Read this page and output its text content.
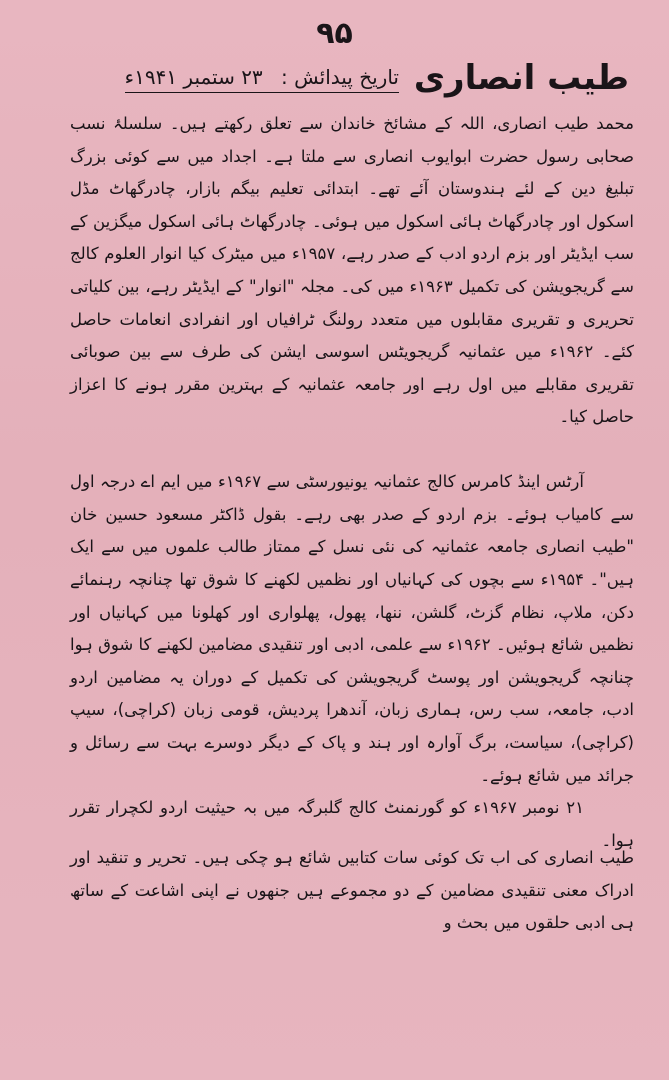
۹۵
طیب انصاری
تاریخ پیدائش : ۲۳ ستمبر ۱۹۴۱ء

محمد طیب انصاری، اللہ کے مشائخ خاندان سے تعلق رکھتے ہیں۔ سلسلۂ نسب صحابی رسول حضرت ابوایوب انصاری سے ملتا ہے۔ اجداد میں سے کوئی بزرگ تبلیغ دین کے لئے ہندوستان آئے تھے۔ ابتدائی تعلیم بیگم بازار، چادرگھاٹ مڈل اسکول اور چادرگھاٹ ہائی اسکول میں ہوئی۔ چادرگھاٹ ہائی اسکول میگزین کے سب ایڈیٹر اور بزم اردو ادب کے صدر رہے، ۱۹۵۷ء میں میٹرک کیا انوار العلوم کالج سے گریجویشن کی تکمیل ۱۹۶۳ء میں کی۔ مجلہ "انوار" کے ایڈیٹر رہے، بین کلیاتی تحریری و تقریری مقابلوں میں متعدد رولنگ ٹرافیاں اور انفرادی انعامات حاصل کئے۔ ۱۹۶۲ء میں عثمانیہ گریجویٹس اسوسی ایشن کی طرف سے بین صوبائی تقریری مقابلے میں اول رہے اور جامعہ عثمانیہ کے بہترین مقرر ہونے کا اعزاز حاصل کیا۔

آرٹس اینڈ کامرس کالج عثمانیہ یونیورسٹی سے ۱۹۶۷ء میں ایم اے درجہ اول سے کامیاب ہوئے۔ بزم اردو کے صدر بھی رہے۔ بقول ڈاکٹر مسعود حسین خان "طیب انصاری جامعہ عثمانیہ کی نئی نسل کے ممتاز طالب علموں میں سے ایک ہیں"۔

۱۹۵۴ء سے بچوں کی کہانیاں اور نظمیں لکھنے کا شوق تھا چنانچہ رہنمائے دکن، ملاپ، نظام گزٹ، گلشن، ننھا، پھول، پھلواری اور کھلونا میں کہانیاں اور نظمیں شائع ہوئیں۔ ۱۹۶۲ء سے علمی، ادبی اور تنقیدی مضامین لکھنے کا شوق ہوا چنانچہ گریجویشن اور پوسٹ گریجویشن کی تکمیل کے دوران یہ مضامین اردو ادب، جامعہ، سب رس، ہماری زبان، آندھرا پردیش، قومی زبان (کراچی)، سیپ (کراچی)، سیاست، برگ آوارہ اور ہند و پاک کے دیگر دوسرے بہت سے رسائل و جرائد میں شائع ہوئے۔

۲۱ نومبر ۱۹۶۷ء کو گورنمنٹ کالج گلبرگہ میں بہ حیثیت اردو لکچرار تقرر ہوا۔

طیب انصاری کی اب تک کوئی سات کتابیں شائع ہو چکی ہیں۔ تحریر و تنقید اور ادراک معنی تنقیدی مضامین کے دو مجموعے ہیں جنھوں نے اپنی اشاعت کے ساتھ ہی ادبی حلقوں میں بحث و
